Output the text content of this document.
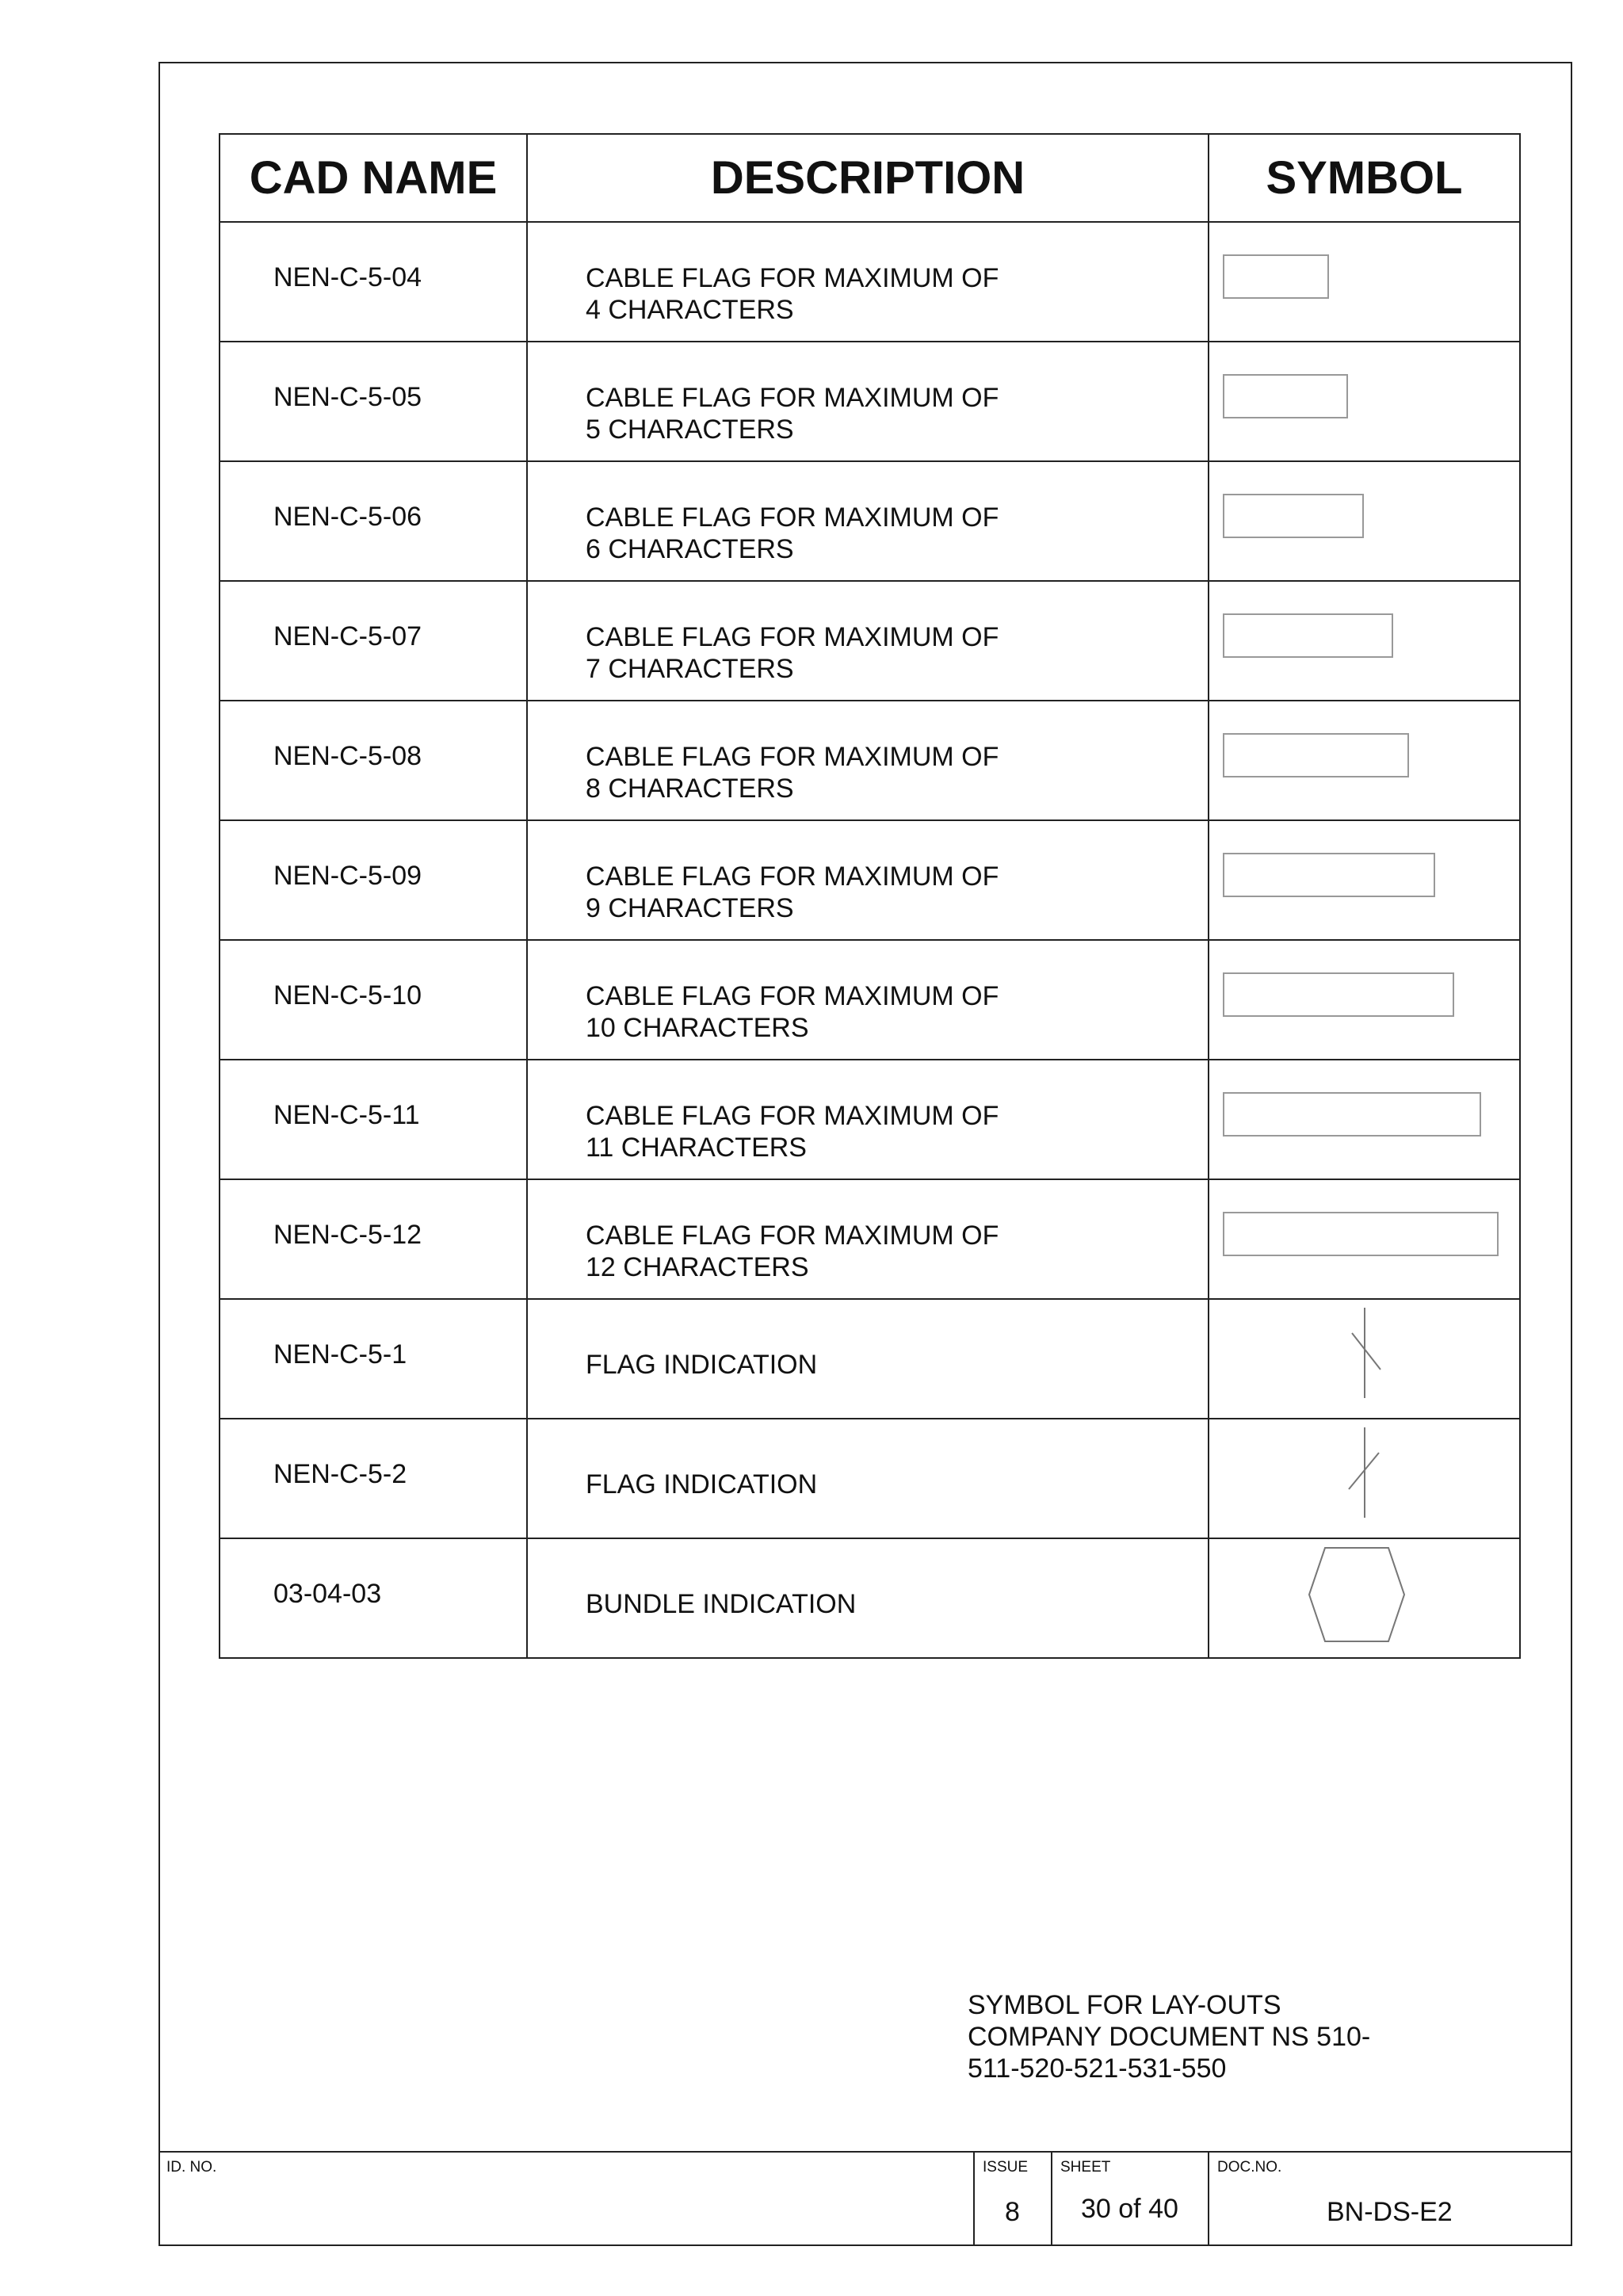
CAD NAME	DESCRIPTION	SYMBOL

NEN-C-5-04	CABLE FLAG FOR MAXIMUM OF
4 CHARACTERS

NEN-C-5-05	CABLE FLAG FOR MAXIMUM OF
5 CHARACTERS

NEN-C-5-06	CABLE FLAG FOR MAXIMUM OF
6 CHARACTERS

NEN-C-5-07	CABLE FLAG FOR MAXIMUM OF
7 CHARACTERS

NEN-C-5-08	CABLE FLAG FOR MAXIMUM OF
8 CHARACTERS

NEN-C-5-09	CABLE FLAG FOR MAXIMUM OF
9 CHARACTERS

NEN-C-5-10	CABLE FLAG FOR MAXIMUM OF
10 CHARACTERS

NEN-C-5-11	CABLE FLAG FOR MAXIMUM OF
11 CHARACTERS

NEN-C-5-12	CABLE FLAG FOR MAXIMUM OF
12 CHARACTERS

NEN-C-5-1	FLAG INDICATION

NEN-C-5-2	FLAG INDICATION

03-04-03	BUNDLE INDICATION

SYMBOL FOR LAY-OUTS
COMPANY DOCUMENT NS 510-
511-520-521-531-550
ID. NO.	ISSUE
8
SHEET
30 of 40
DOC.NO.
BN-DS-E2
